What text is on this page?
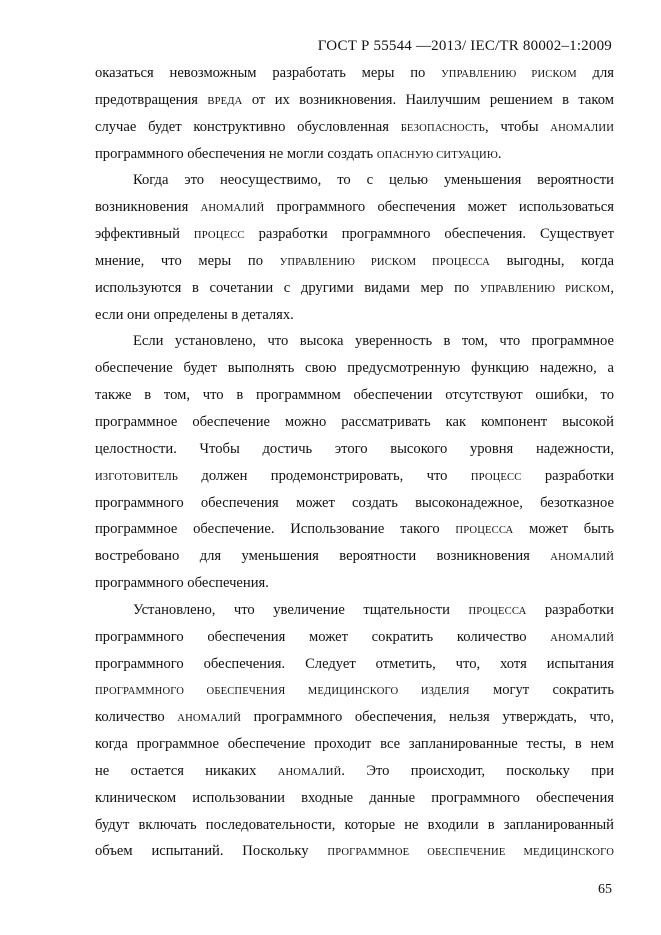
ГОСТ Р 55544 —2013/ IEC/TR 80002–1:2009
оказаться невозможным разработать меры по УПРАВЛЕНИЮ РИСКОМ для
предотвращения ВРЕДА от их возникновения. Наилучшим решением в таком
случае будет конструктивно обусловленная БЕЗОПАСНОСТЬ, чтобы АНОМАЛИИ
программного обеспечения не могли создать ОПАСНУЮ СИТУАЦИЮ.
Когда это неосуществимо, то с целью уменьшения вероятности
возникновения АНОМАЛИЙ программного обеспечения может использоваться
эффективный ПРОЦЕСС разработки программного обеспечения. Существует
мнение, что меры по УПРАВЛЕНИЮ РИСКОМ ПРОЦЕССА выгодны, когда
используются в сочетании с другими видами мер по УПРАВЛЕНИЮ РИСКОМ,
если они определены в деталях.
Если установлено, что высока уверенность в том, что программное
обеспечение будет выполнять свою предусмотренную функцию надежно, а
также в том, что в программном обеспечении отсутствуют ошибки, то
программное обеспечение можно рассматривать как компонент высокой
целостности. Чтобы достичь этого высокого уровня надежности,
ИЗГОТОВИТЕЛЬ должен продемонстрировать, что ПРОЦЕСС разработки
программного обеспечения может создать высоконадежное, безотказное
программное обеспечение. Использование такого ПРОЦЕССА может быть
востребовано для уменьшения вероятности возникновения АНОМАЛИЙ
программного обеспечения.
Установлено, что увеличение тщательности ПРОЦЕССА разработки
программного обеспечения может сократить количество АНОМАЛИЙ
программного обеспечения. Следует отметить, что, хотя испытания
ПРОГРАММНОГО ОБЕСПЕЧЕНИЯ МЕДИЦИНСКОГО ИЗДЕЛИЯ могут сократить
количество АНОМАЛИЙ программного обеспечения, нельзя утверждать, что,
когда программное обеспечение проходит все запланированные тесты, в нем
не остается никаких АНОМАЛИЙ. Это происходит, поскольку при
клиническом использовании входные данные программного обеспечения
будут включать последовательности, которые не входили в запланированный
объем испытаний. Поскольку ПРОГРАММНОЕ ОБЕСПЕЧЕНИЕ МЕДИЦИНСКОГО
65
